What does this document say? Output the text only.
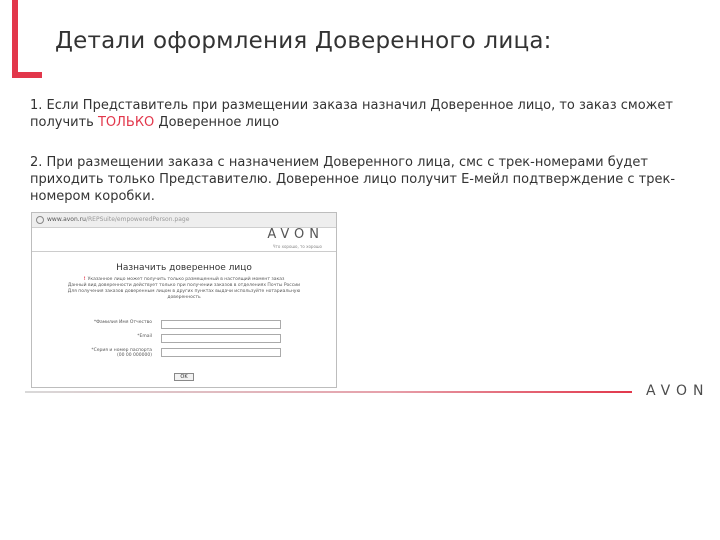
Детали оформления Доверенного лица:

1. Если Представитель при размещении заказа назначил Доверенное лицо, то заказ сможет получить ТОЛЬКО Доверенное лицо

2. При размещении заказа с назначением Доверенного лица, смс с трек-номерами будет приходить только Представителю. Доверенное лицо получит Е-мейл подтверждение с трек-номером коробки.

www.avon.ru/REPSuite/empoweredPerson.page
AVON
Что хорошо, то хорошо
Назначить доверенное лицо
! Указанное лицо может получить только размещенный в настоящий момент заказ
Данный вид доверенности действует только при получении заказов в отделениях Почты России
Для получения заказов доверенным лицом в других пунктах выдачи используйте нотариальную
доверенность
*Фамилия Имя Отчество
*Email
*Серия и номер паспорта
(00 00 000000)
OK
AVON
